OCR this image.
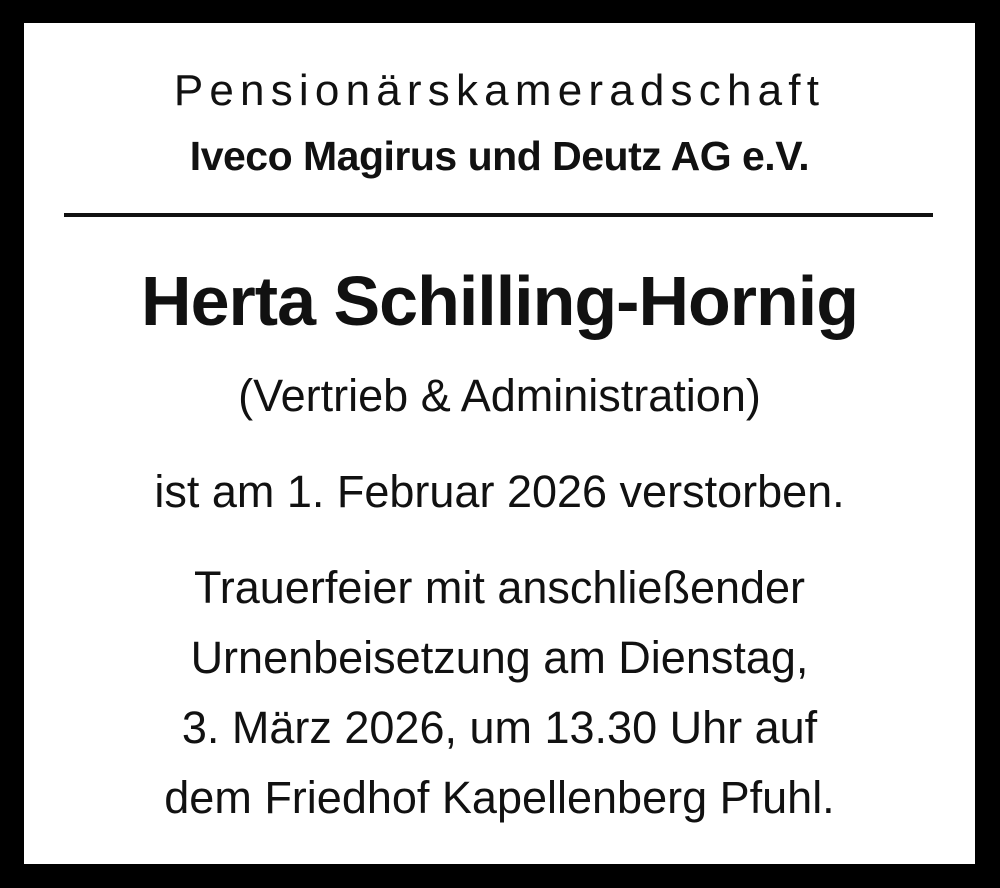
Pensionärskameradschaft
Iveco Magirus und Deutz AG e.V.
Herta Schilling-Hornig
(Vertrieb & Administration)
ist am 1. Februar 2026 verstorben.
Trauerfeier mit anschließender
Urnenbeisetzung am Dienstag,
3. März 2026, um 13.30 Uhr auf
dem Friedhof Kapellenberg Pfuhl.
